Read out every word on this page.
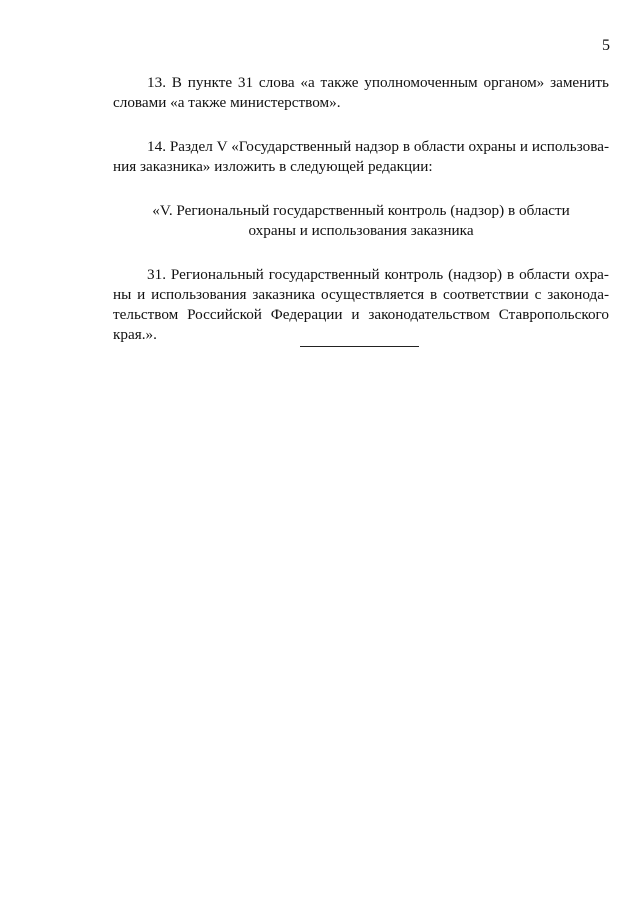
5
13. В пункте 31 слова «а также уполномоченным органом» заменить
словами «а также министерством».
14. Раздел V «Государственный надзор в области охраны и использова-
ния заказника» изложить в следующей редакции:
«V. Региональный государственный контроль (надзор) в области
охраны и использования заказника
31. Региональный государственный контроль (надзор) в области охра-
ны и использования заказника осуществляется в соответствии с законода-
тельством Российской Федерации и законодательством Ставропольского
края.».
